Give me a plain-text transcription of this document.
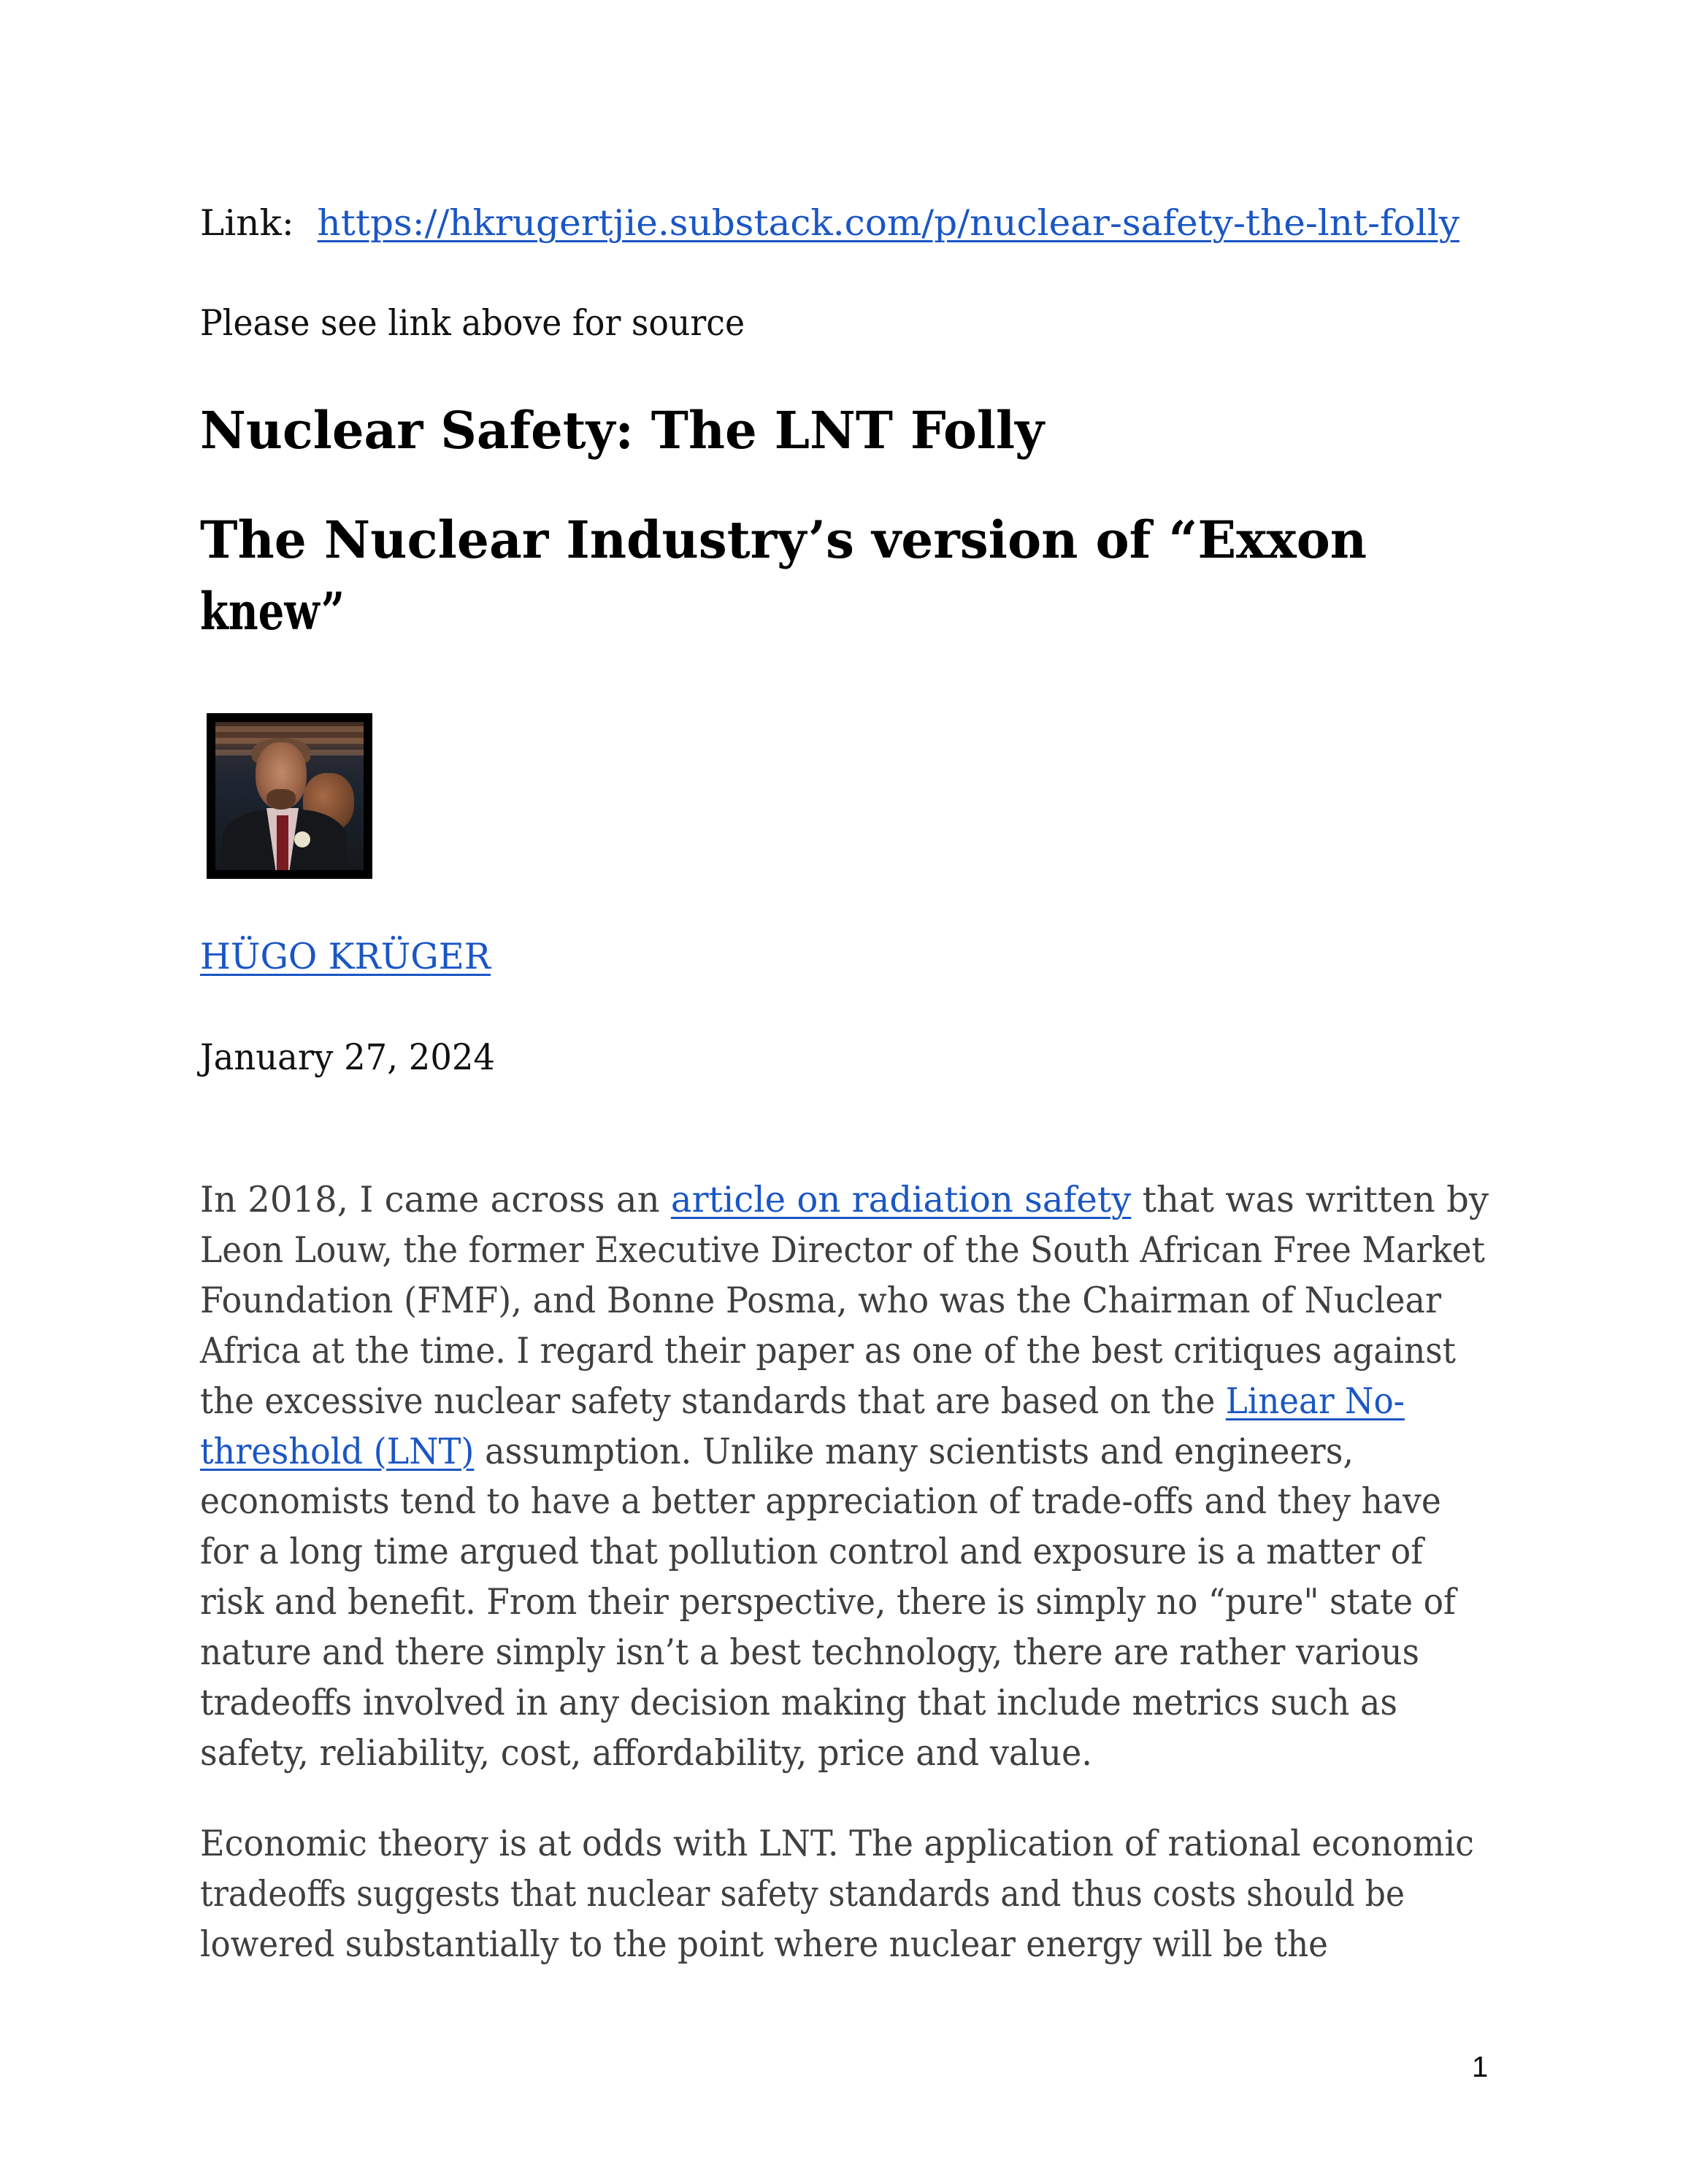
Link: https://hkrugertjie.substack.com/p/nuclear-safety-the-lnt-folly
Please see link above for source
Nuclear Safety: The LNT Folly
The Nuclear Industry’s version of “Exxon
knew”
HÜGO KRÜGER
January 27, 2024
In 2018, I came across an article on radiation safety that was written by
Leon Louw, the former Executive Director of the South African Free Market
Foundation (FMF), and Bonne Posma, who was the Chairman of Nuclear
Africa at the time. I regard their paper as one of the best critiques against
the excessive nuclear safety standards that are based on the Linear No-
threshold (LNT) assumption. Unlike many scientists and engineers,
economists tend to have a better appreciation of trade-offs and they have
for a long time argued that pollution control and exposure is a matter of
risk and benefit. From their perspective, there is simply no “pure" state of
nature and there simply isn’t a best technology, there are rather various
tradeoffs involved in any decision making that include metrics such as
safety, reliability, cost, affordability, price and value.
Economic theory is at odds with LNT. The application of rational economic
tradeoffs suggests that nuclear safety standards and thus costs should be
lowered substantially to the point where nuclear energy will be the
1
